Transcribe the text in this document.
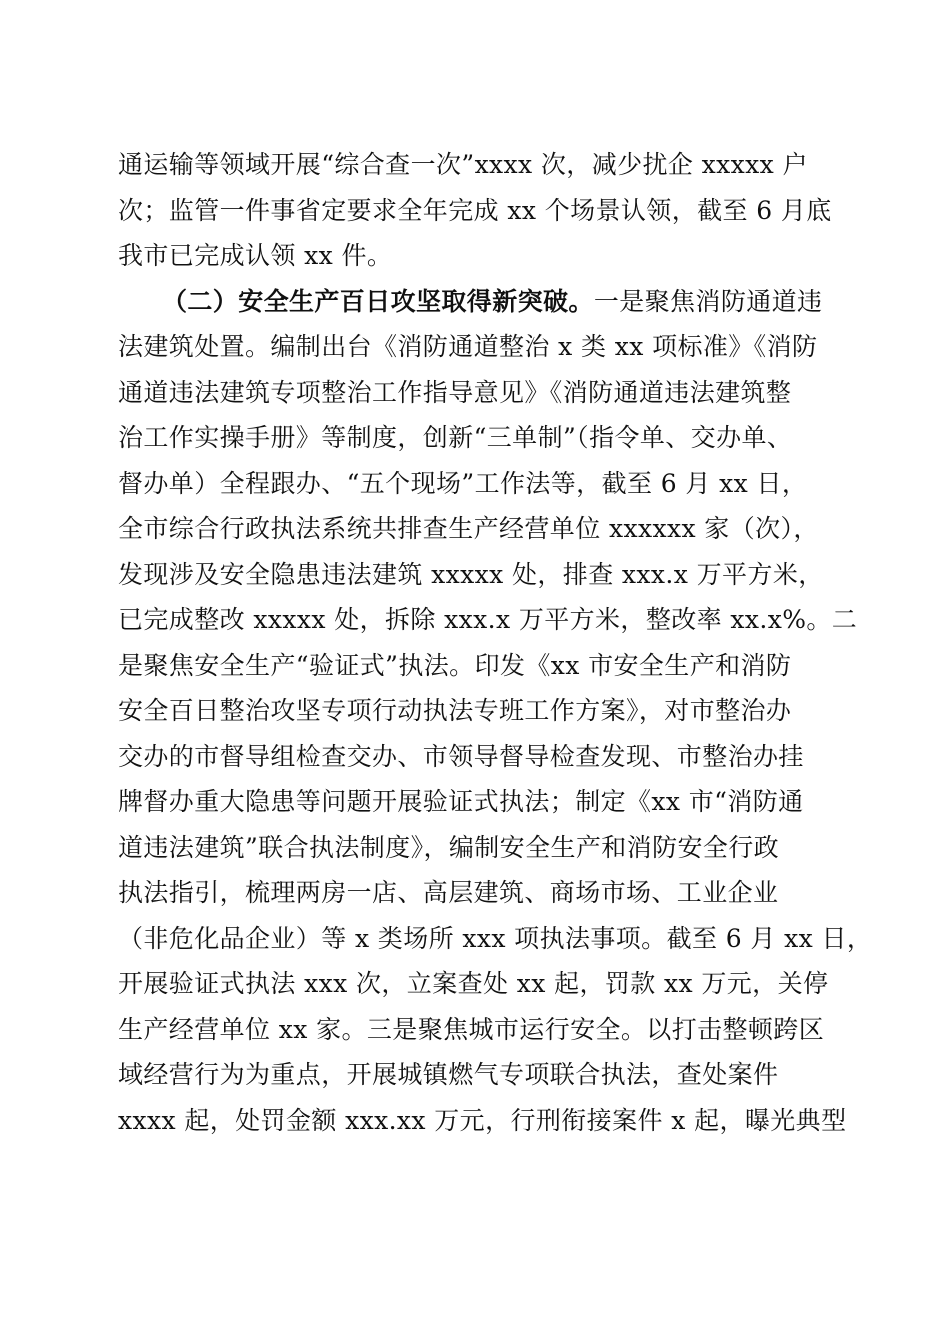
通运输等领域开展“综合查一次”xxxx 次，减少扰企 xxxxx 户
次；监管一件事省定要求全年完成 xx 个场景认领，截至 6 月底
我市已完成认领 xx 件。
（二）安全生产百日攻坚取得新突破。一是聚焦消防通道违
法建筑处置。编制出台《消防通道整治 x 类 xx 项标准》《消防
通道违法建筑专项整治工作指导意见》《消防通道违法建筑整
治工作实操手册》等制度，创新“三单制”（指令单、交办单、
督办单）全程跟办、“五个现场”工作法等，截至 6 月 xx 日，
全市综合行政执法系统共排查生产经营单位 xxxxxx 家（次），
发现涉及安全隐患违法建筑 xxxxx 处，排查 xxx.x 万平方米，
已完成整改 xxxxx 处，拆除 xxx.x 万平方米，整改率 xx.x%。二
是聚焦安全生产“验证式”执法。印发《xx 市安全生产和消防
安全百日整治攻坚专项行动执法专班工作方案》，对市整治办
交办的市督导组检查交办、市领导督导检查发现、市整治办挂
牌督办重大隐患等问题开展验证式执法；制定《xx 市“消防通
道违法建筑”联合执法制度》，编制安全生产和消防安全行政
执法指引，梳理两房一店、高层建筑、商场市场、工业企业
（非危化品企业）等 x 类场所 xxx 项执法事项。截至 6 月 xx 日，
开展验证式执法 xxx 次，立案查处 xx 起，罚款 xx 万元，关停
生产经营单位 xx 家。三是聚焦城市运行安全。以打击整顿跨区
域经营行为为重点，开展城镇燃气专项联合执法，查处案件
xxxx 起，处罚金额 xxx.xx 万元，行刑衔接案件 x 起，曝光典型
